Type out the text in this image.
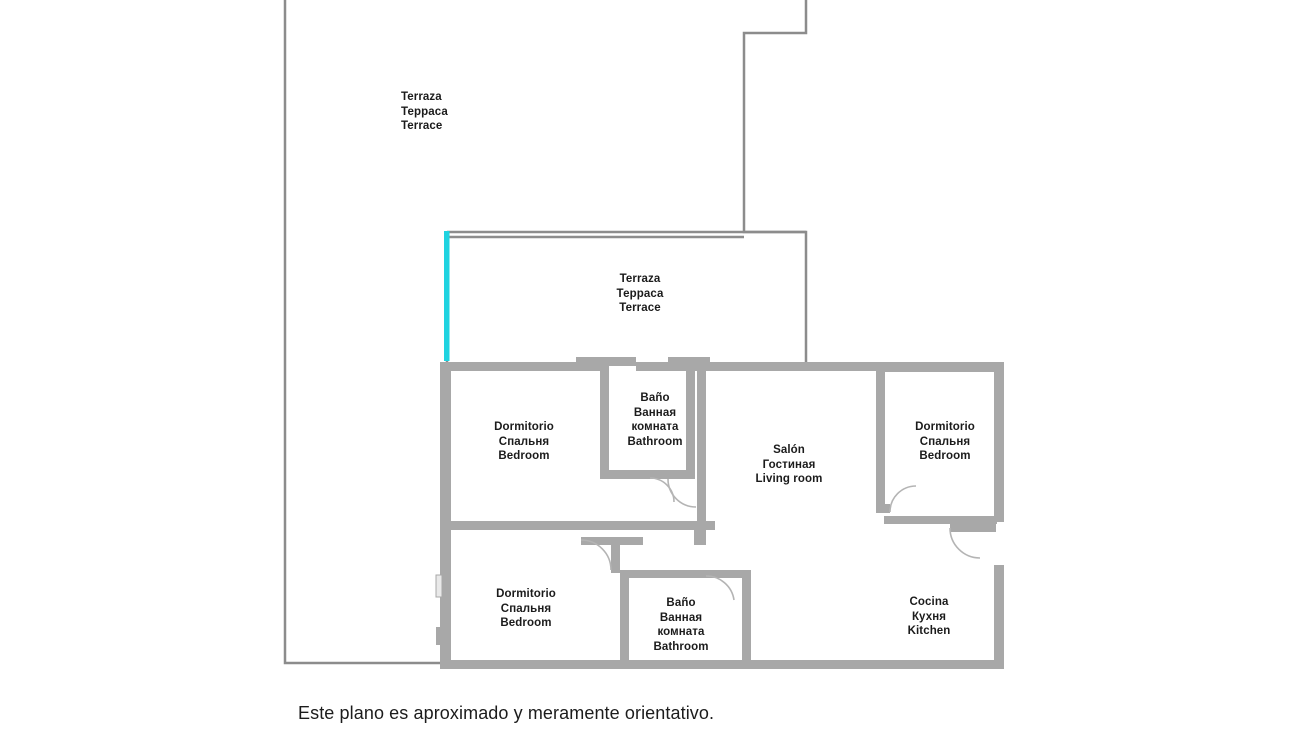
Terraza
Терраса
Terrace
Terraza
Терраса
Terrace
Dormitorio
Спальня
Bedroom
Baño
Ванная
комната
Bathroom
Salón
Гостиная
Living room
Dormitorio
Спальня
Bedroom
Dormitorio
Спальня
Bedroom
Baño
Ванная
комната
Bathroom
Cocina
Кухня
Kitchen
Este plano es aproximado y meramente orientativo.
